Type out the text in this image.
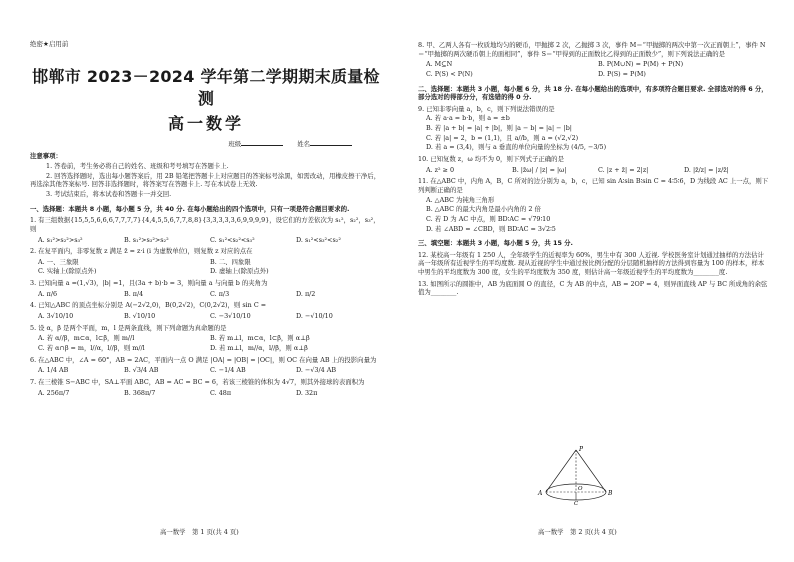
绝密★启用前
邯郸市 2023－2024 学年第二学期期末质量检测
高一数学
班级	姓名
注意事项：
1. 答卷前，考生务必将自己的姓名、班级和考号填写在答题卡上.
2. 回答选择题时，选出每小题答案后，用 2B 铅笔把答题卡上对应题目的答案标号涂黑，如需改动，用橡皮擦干净后，再选涂其他答案标号. 回答非选择题时，将答案写在答题卡上. 写在本试卷上无效.
3. 考试结束后，将本试卷和答题卡一并交回.
一、选择题：本题共 8 小题，每小题 5 分，共 40 分. 在每小题给出的四个选项中，只有一项是符合题目要求的.
1. 有三组数据{15,5,5,6,6,6,7,7,7,7}{4,4,5,5,6,7,7,8,8}{3,3,3,3,3,6,9,9,9,9}，设它们的方差依次为 s₁²，s₂²，s₃²，则
A. s₁²>s₂²>s₃²	B. s₁²>s₃²>s₂²	C. s₁²<s₂²<s₃²	D. s₁²<s₃²<s₂²
2. 在复平面内，非零复数 z 满足 z̄ = z·i (i 为虚数单位)，则复数 z 对应的点在
A. 一、三象限	B. 二、四象限
C. 实轴上(除原点外)	D. 虚轴上(除原点外)
3. 已知向量 a =(1,√3)，|b| =1，且(3a + b)·b = 3，则向量 a 与向量 b 的夹角为
A. π/6	B. π/4	C. π/3	D. π/2
4. 已知△ABC 的顶点坐标分别是 A(−2√2,0)，B(0,2√2)，C(0,2√2)，则 sin C =
A. 3√10/10	B. √10/10	C. −3√10/10	D. −√10/10
5. 设 α，β 是两个平面，m，l 是两条直线，则下列命题为真命题的是
A. 若 α//β，m⊂α，l⊂β，则 m//l	B. 若 m⊥l，m⊂α，l⊂β，则 α⊥β
C. 若 α∩β = m，l//α，l//β，则 m//l	D. 若 m⊥l，m//α，l//β，则 α⊥β
6. 在△ABC 中，∠A = 60°，AB = 2AC，平面内一点 O 满足 |OA| = |OB| = |OC|，则 OC 在向量 AB 上的投影向量为
A. 1/4 AB	B. √3/4 AB	C. −1/4 AB	D. −√3/4 AB
7. 在三棱锥 S−ABC 中，SA⊥平面 ABC，AB = AC = BC = 6，若该三棱锥的体积为 4√7，则其外接球的表面积为
A. 256π/7	B. 368π/7	C. 48π	D. 32π
8. 甲、乙两人各有一枚质地均匀的硬币，甲抛掷 2 次，乙抛掷 3 次，事件 M＝“甲抛掷的两次中第一次正面朝上”，事件 N＝“甲抛掷的两次硬币朝上的面相同”，事件 S＝“甲得到的正面数比乙得到的正面数少”，则下列说法正确的是
A. M⊆N	B. P(M∪N) = P(M) + P(N)
C. P(S) < P(N)	D. P(S) = P(M)
二、选择题：本题共 3 小题，每小题 6 分，共 18 分. 在每小题给出的选项中，有多项符合题目要求. 全部选对的得 6 分，部分选对的得部分分，有选错的得 0 分.
9. 已知非零向量 a，b，c，则下列说法错误的是
A. 若 a·a = b·b，则 a = ±b
B. 若 |a + b| = |a| + |b|，则 |a − b| = |a| − |b|
C. 若 |a| = 2，b = (1,1)，且 a//b，则 a = (√2,√2)
D. 若 a = (3,4)，则与 a 垂直的单位向量的坐标为 (4/5, −3/5)
10. 已知复数 z，ω 均不为 0，则下列式子正确的是
A. z² ≥ 0	B. |z̄ω| / |z| = |ω|	C. |z + z̄| = 2|z|	D. |z̄/z| = |z/z̄|
11. 在△ABC 中，内角 A，B，C 所对的边分别为 a，b，c，已知 sin A∶sin B∶sin C = 4∶5∶6，D 为线段 AC 上一点，则下列判断正确的是
A. △ABC 为钝角三角形
B. △ABC 的最大内角是最小内角的 2 倍
C. 若 D 为 AC 中点，则 BD∶AC = √79∶10
D. 若 ∠ABD = ∠CBD，则 BD∶AC = 3√2∶5
三、填空题：本题共 3 小题，每小题 5 分，共 15 分.
12. 某校高一年级有 1 250 人，全年级学生的近视率为 60%，男生中有 300 人近视. 学校医务室计划通过抽样的方法估计高一年级所有近视学生的平均度数. 现从近视的学生中通过按比例分配的分层随机抽样的方法得到容量为 100 的样本，样本中男生的平均度数为 300 度，女生的平均度数为 350 度，则估计高一年级近视学生的平均度数为________度.
13. 如图所示的圆锥中，AB 为底面圆 O 的直径，C 为 AB 的中点，AB = 2OP = 4，则异面直线 AP 与 BC 所成角的余弦值为________.
P
A	B
O
C
高一数学　第 1 页(共 4 页)	高一数学　第 2 页(共 4 页)
